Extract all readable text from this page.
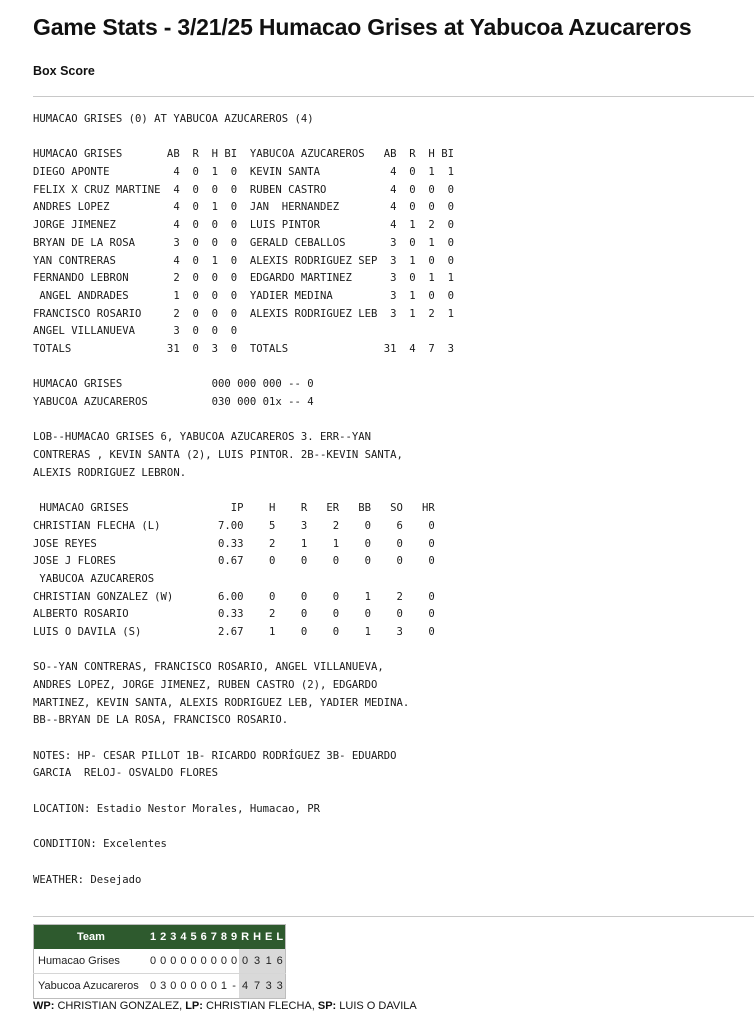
Game Stats - 3/21/25 Humacao Grises at Yabucoa Azucareros
Box Score
HUMACAO GRISES (0) AT YABUCOA AZUCAREROS (4)
HUMACAO GRISES       AB  R  H BI  YABUCOA AZUCAREROS   AB  R  H BI
DIEGO APONTE          4  0  1  0  KEVIN SANTA           4  0  1  1
FELIX X CRUZ MARTINE  4  0  0  0  RUBEN CASTRO          4  0  0  0
ANDRES LOPEZ          4  0  1  0  JAN  HERNANDEZ        4  0  0  0
JORGE JIMENEZ         4  0  0  0  LUIS PINTOR           4  1  2  0
BRYAN DE LA ROSA      3  0  0  0  GERALD CEBALLOS       3  0  1  0
YAN CONTRERAS         4  0  1  0  ALEXIS RODRIGUEZ SEP  3  1  0  0
FERNANDO LEBRON       2  0  0  0  EDGARDO MARTINEZ      3  0  1  1
ANGEL ANDRADES       1  0  0  0  YADIER MEDINA         3  1  0  0
FRANCISCO ROSARIO     2  0  0  0  ALEXIS RODRIGUEZ LEB  3  1  2  1
ANGEL VILLANUEVA      3  0  0  0
TOTALS               31  0  3  0  TOTALS               31  4  7  3
HUMACAO GRISES              000 000 000 -- 0
YABUCOA AZUCAREROS          030 000 01x -- 4
LOB--HUMACAO GRISES 6, YABUCOA AZUCAREROS 3. ERR--YAN
CONTRERAS , KEVIN SANTA (2), LUIS PINTOR. 2B--KEVIN SANTA,
ALEXIS RODRIGUEZ LEBRON.
HUMACAO GRISES                IP    H    R   ER   BB   SO   HR
CHRISTIAN FLECHA (L)         7.00    5    3    2    0    6    0
JOSE REYES                   0.33    2    1    1    0    0    0
JOSE J FLORES                0.67    0    0    0    0    0    0
YABUCOA AZUCAREROS
CHRISTIAN GONZALEZ (W)       6.00    0    0    0    1    2    0
ALBERTO ROSARIO              0.33    2    0    0    0    0    0
LUIS O DAVILA (S)            2.67    1    0    0    1    3    0
SO--YAN CONTRERAS, FRANCISCO ROSARIO, ANGEL VILLANUEVA,
ANDRES LOPEZ, JORGE JIMENEZ, RUBEN CASTRO (2), EDGARDO
MARTINEZ, KEVIN SANTA, ALEXIS RODRIGUEZ LEB, YADIER MEDINA.
BB--BRYAN DE LA ROSA, FRANCISCO ROSARIO.
NOTES: HP- CESAR PILLOT 1B- RICARDO RODRÍGUEZ 3B- EDUARDO
GARCIA  RELOJ- OSVALDO FLORES
LOCATION: Estadio Nestor Morales, Humacao, PR
CONDITION: Excelentes
WEATHER: Desejado
Team	1	2	3	4	5	6	7	8	9	R	H	E	L
Humacao Grises	0	0	0	0	0	0	0	0	0	0	3	1	6
Yabucoa Azucareros	0	3	0	0	0	0	0	1	-	4	7	3	3
WP: CHRISTIAN GONZALEZ, LP: CHRISTIAN FLECHA, SP: LUIS O DAVILA
